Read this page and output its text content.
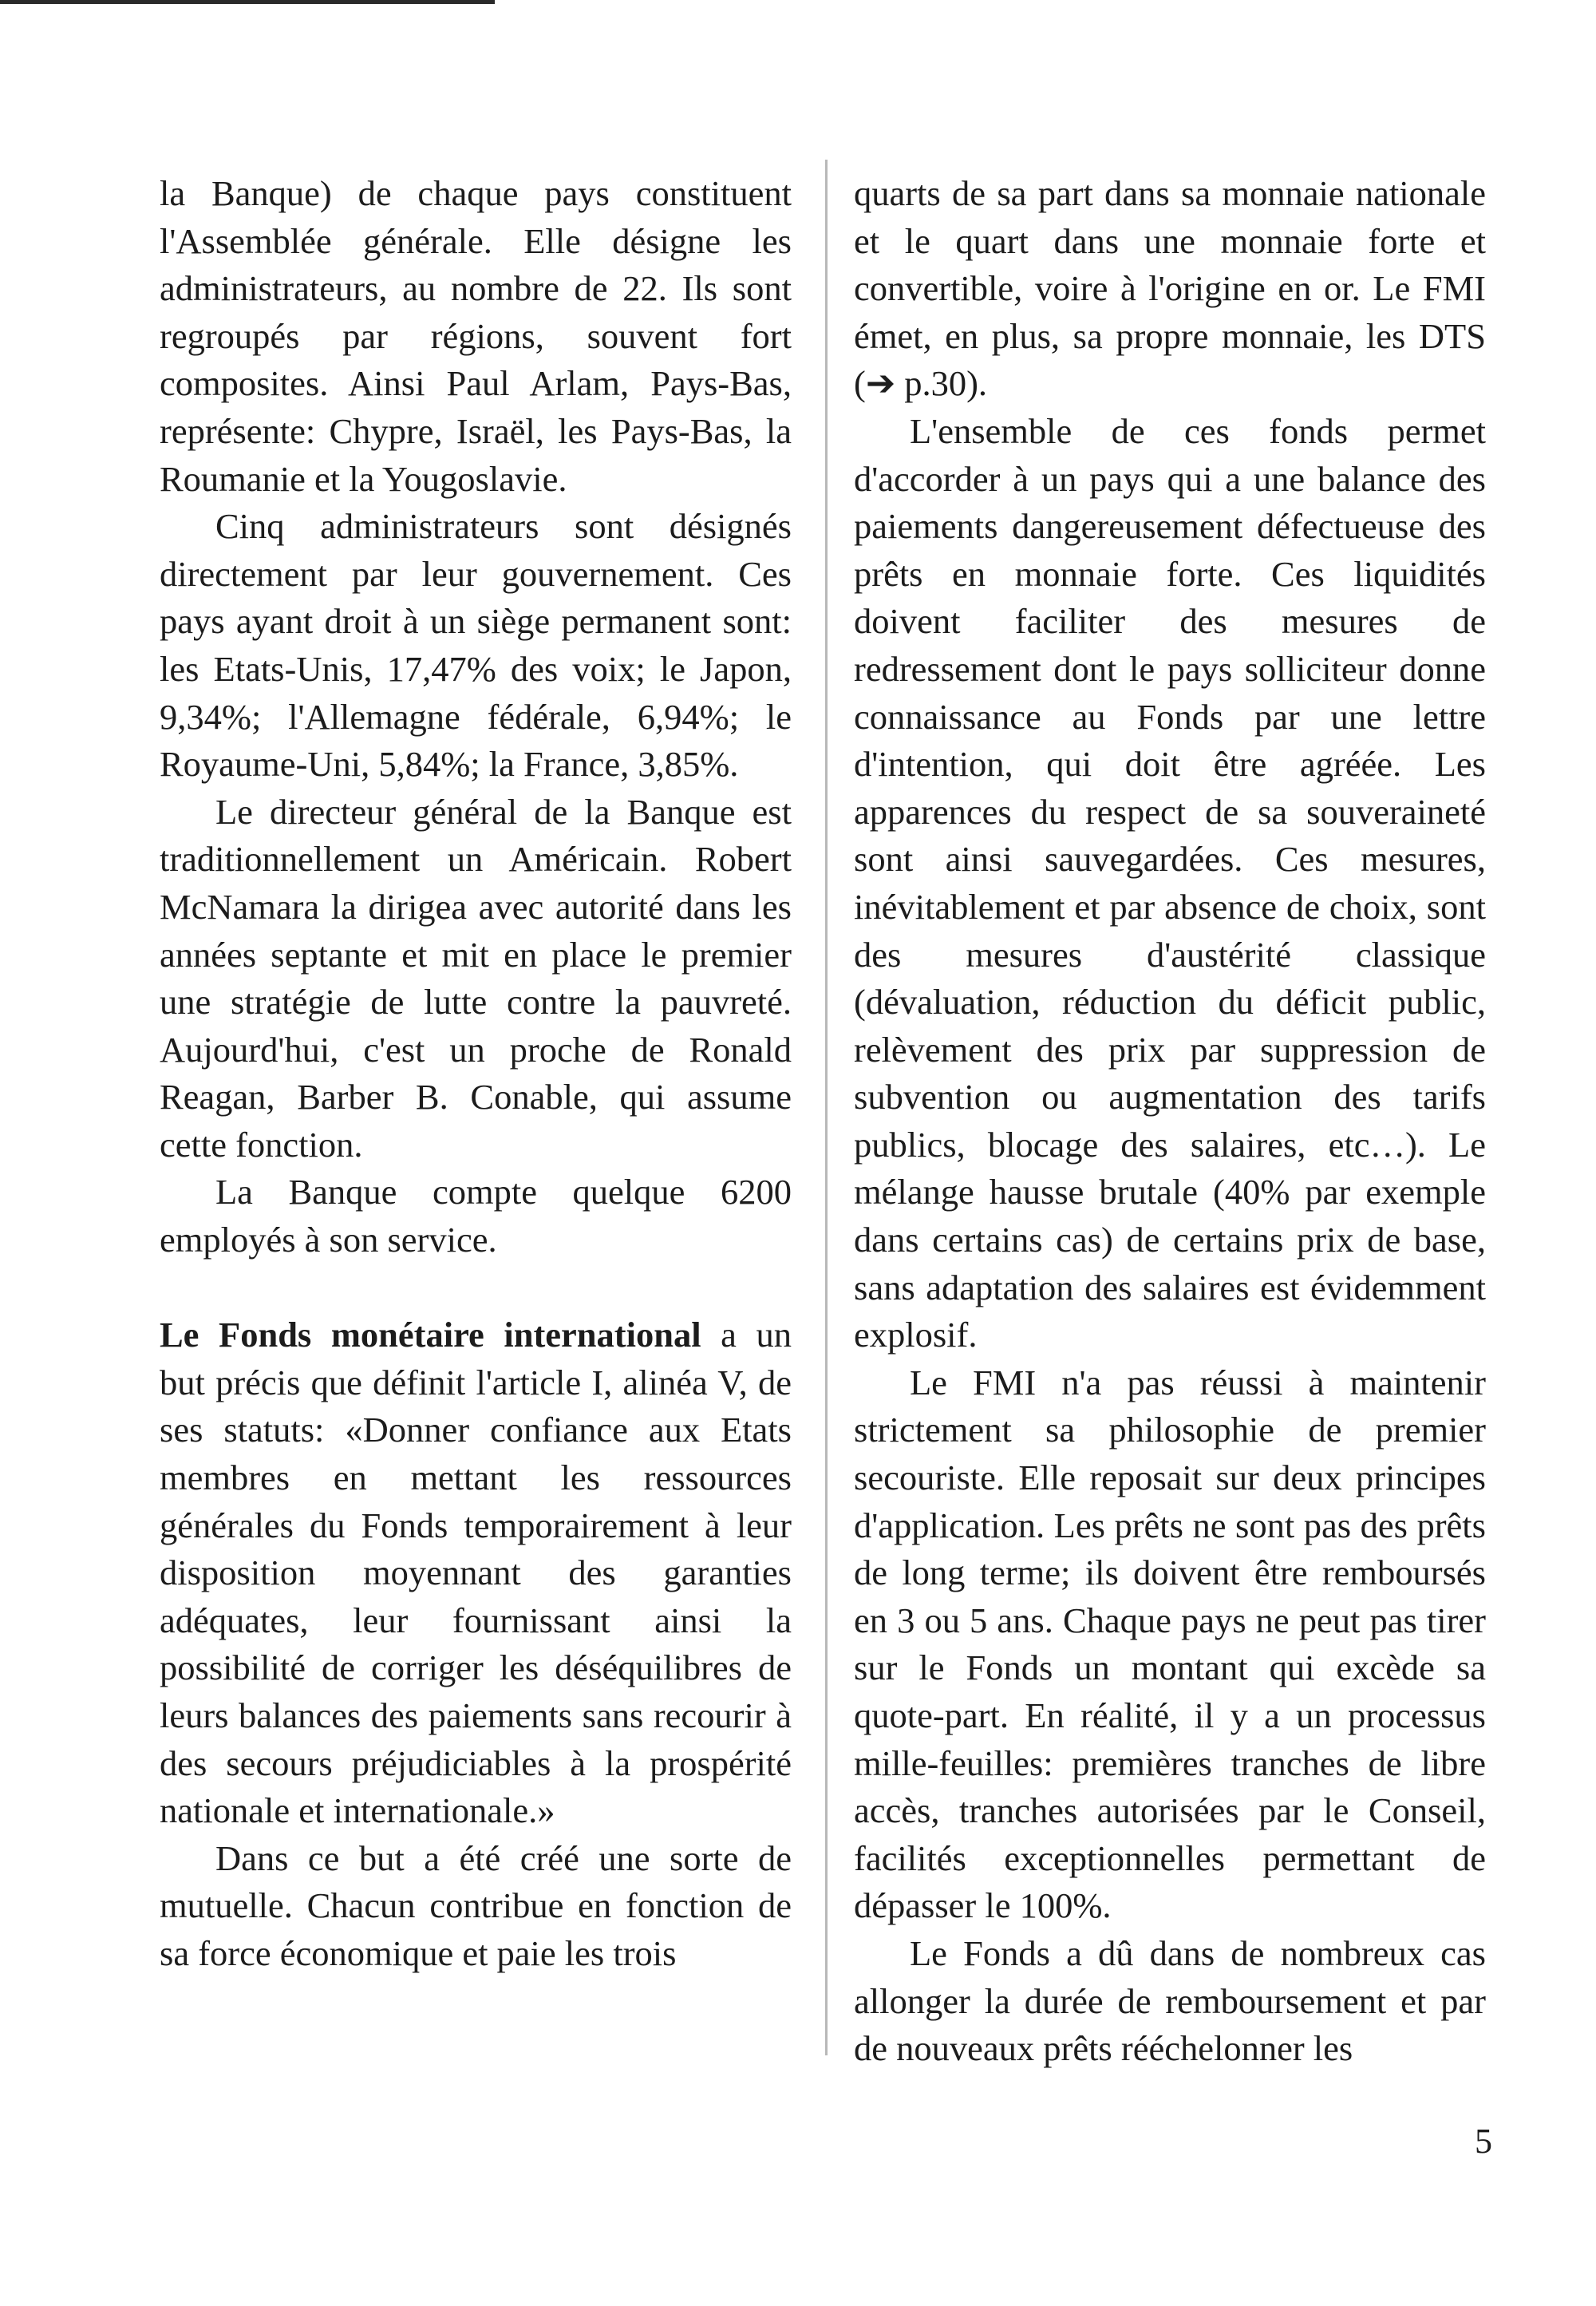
la Banque) de chaque pays constituent l'Assemblée générale. Elle désigne les administrateurs, au nombre de 22. Ils sont regroupés par régions, souvent fort composites. Ainsi Paul Arlam, Pays-Bas, représente: Chypre, Israël, les Pays-Bas, la Roumanie et la Yougoslavie.

Cinq administrateurs sont désignés directement par leur gouvernement. Ces pays ayant droit à un siège permanent sont: les Etats-Unis, 17,47% des voix; le Japon, 9,34%; l'Allemagne fédérale, 6,94%; le Royaume-Uni, 5,84%; la France, 3,85%.

Le directeur général de la Banque est traditionnellement un Américain. Robert McNamara la dirigea avec autorité dans les années septante et mit en place le premier une stratégie de lutte contre la pauvreté. Aujourd'hui, c'est un proche de Ronald Reagan, Barber B. Conable, qui assume cette fonction.

La Banque compte quelque 6200 employés à son service.

Le Fonds monétaire international a un but précis que définit l'article I, alinéa V, de ses statuts: «Donner confiance aux Etats membres en mettant les ressources générales du Fonds temporairement à leur disposition moyennant des garanties adéquates, leur fournissant ainsi la possibilité de corriger les déséquilibres de leurs balances des paiements sans recourir à des secours préjudiciables à la prospérité nationale et internationale.»

Dans ce but a été créé une sorte de mutuelle. Chacun contribue en fonction de sa force économique et paie les trois

quarts de sa part dans sa monnaie nationale et le quart dans une monnaie forte et convertible, voire à l'origine en or. Le FMI émet, en plus, sa propre monnaie, les DTS (➔ p.30).

L'ensemble de ces fonds permet d'accorder à un pays qui a une balance des paiements dangereusement défectueuse des prêts en monnaie forte. Ces liquidités doivent faciliter des mesures de redressement dont le pays solliciteur donne connaissance au Fonds par une lettre d'intention, qui doit être agréée. Les apparences du respect de sa souveraineté sont ainsi sauvegardées. Ces mesures, inévitablement et par absence de choix, sont des mesures d'austérité classique (dévaluation, réduction du déficit public, relèvement des prix par suppression de subvention ou augmentation des tarifs publics, blocage des salaires, etc…). Le mélange hausse brutale (40% par exemple dans certains cas) de certains prix de base, sans adaptation des salaires est évidemment explosif.

Le FMI n'a pas réussi à maintenir strictement sa philosophie de premier secouriste. Elle reposait sur deux principes d'application. Les prêts ne sont pas des prêts de long terme; ils doivent être remboursés en 3 ou 5 ans. Chaque pays ne peut pas tirer sur le Fonds un montant qui excède sa quote-part. En réalité, il y a un processus mille-feuilles: premières tranches de libre accès, tranches autorisées par le Conseil, facilités exceptionnelles permettant de dépasser le 100%.

Le Fonds a dû dans de nombreux cas allonger la durée de remboursement et par de nouveaux prêts rééchelonner les

5
